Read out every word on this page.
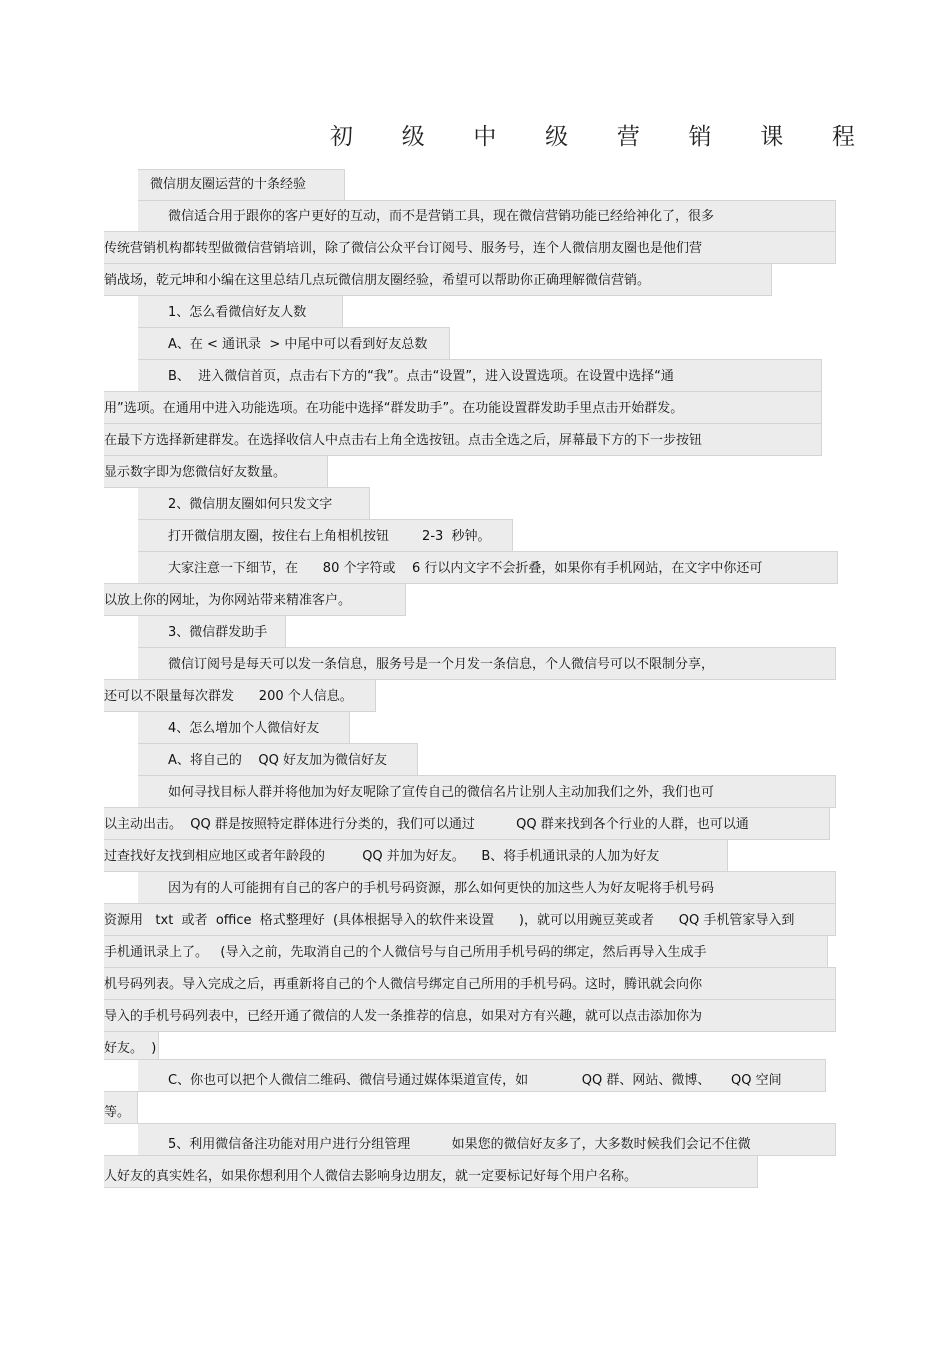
初 级 中 级 营 销 课 程
微信朋友圈运营的十条经验
微信适合用于跟你的客户更好的互动，而不是营销工具，现在微信营销功能已经给神化了，很多
传统营销机构都转型做微信营销培训，除了微信公众平台订阅号、服务号，连个人微信朋友圈也是他们营
销战场，乾元坤和小编在这里总结几点玩微信朋友圈经验，希望可以帮助你正确理解微信营销。
1、怎么看微信好友人数
A、在 < 通讯录  > 中尾中可以看到好友总数
B、  进入微信首页，点击右下方的“我”。点击“设置”，进入设置选项。在设置中选择“通
用”选项。在通用中进入功能选项。在功能中选择“群发助手”。在功能设置群发助手里点击开始群发。
在最下方选择新建群发。在选择收信人中点击右上角全选按钮。点击全选之后，屏幕最下方的下一步按钮
显示数字即为您微信好友数量。
2、微信朋友圈如何只发文字
打开微信朋友圈，按住右上角相机按钮        2-3  秒钟。
大家注意一下细节，在      80 个字符或    6 行以内文字不会折叠，如果你有手机网站，在文字中你还可
以放上你的网址，为你网站带来精准客户。
3、微信群发助手
微信订阅号是每天可以发一条信息，服务号是一个月发一条信息，个人微信号可以不限制分享，
还可以不限量每次群发      200 个人信息。
4、怎么增加个人微信好友
A、将自己的    QQ 好友加为微信好友
如何寻找目标人群并将他加为好友呢除了宣传自己的微信名片让别人主动加我们之外，我们也可
以主动出击。  QQ 群是按照特定群体进行分类的，我们可以通过          QQ 群来找到各个行业的人群，也可以通
过查找好友找到相应地区或者年龄段的         QQ 并加为好友。    B、将手机通讯录的人加为好友
因为有的人可能拥有自己的客户的手机号码资源，那么如何更快的加这些人为好友呢将手机号码
资源用   txt  或者  office  格式整理好  (具体根据导入的软件来设置      )，就可以用豌豆荚或者      QQ 手机管家导入到
手机通讯录上了。   (导入之前，先取消自己的个人微信号与自己所用手机号码的绑定，然后再导入生成手
机号码列表。导入完成之后，再重新将自己的个人微信号绑定自己所用的手机号码。这时，腾讯就会向你
导入的手机号码列表中，已经开通了微信的人发一条推荐的信息，如果对方有兴趣，就可以点击添加你为
好友。  )
C、你也可以把个人微信二维码、微信号通过媒体渠道宣传，如             QQ 群、网站、微博、     QQ 空间
等。
5、利用微信备注功能对用户进行分组管理          如果您的微信好友多了，大多数时候我们会记不住微
人好友的真实姓名，如果你想利用个人微信去影响身边朋友，就一定要标记好每个用户名称。
